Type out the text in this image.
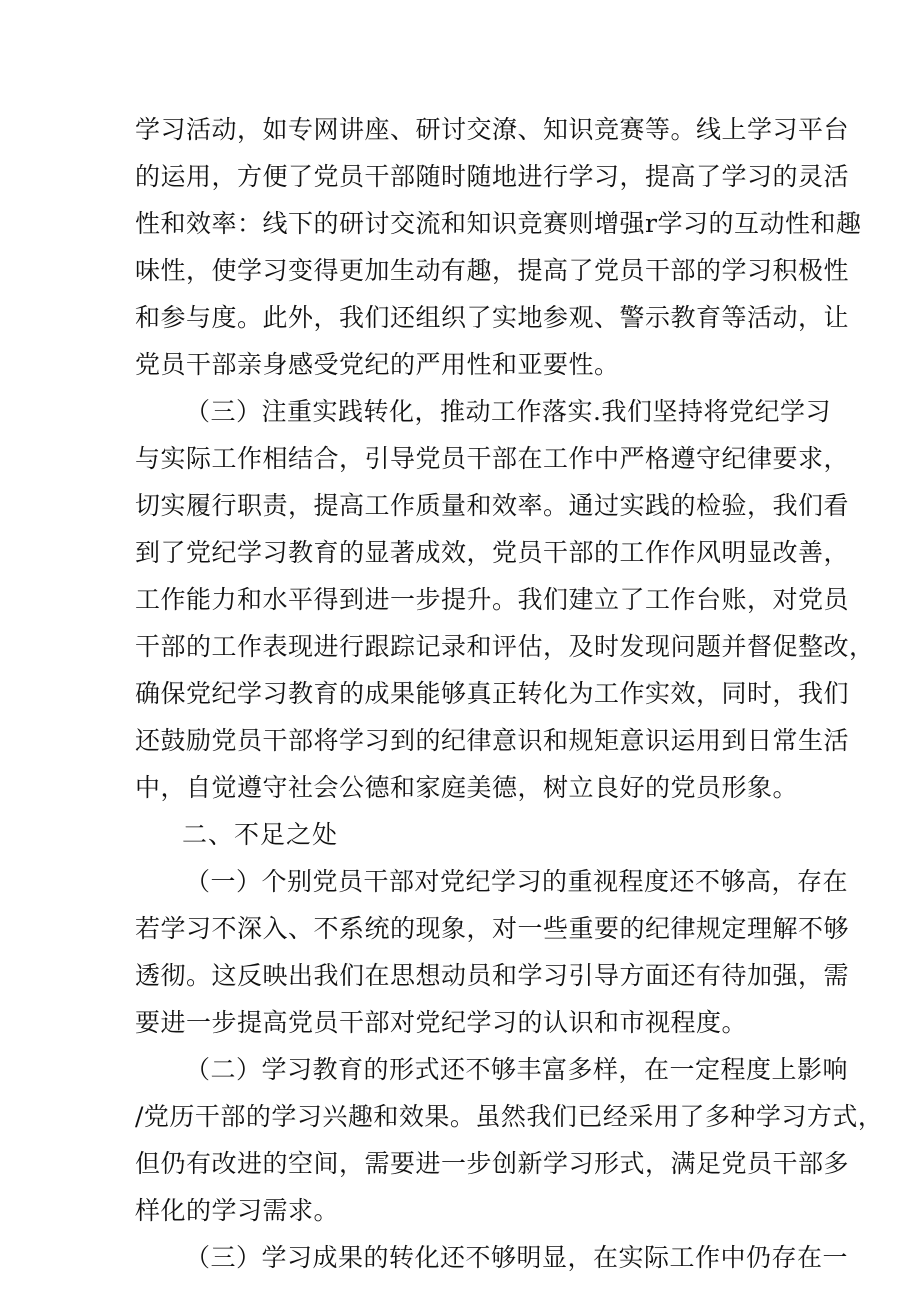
学习活动，如专网讲座、研讨交潦、知识竞赛等。线上学习平台
的运用，方便了党员干部随时随地进行学习，提高了学习的灵活
性和效率：线下的研讨交流和知识竞赛则增强r学习的互动性和趣
味性，使学习变得更加生动有趣，提高了党员干部的学习积极性
和参与度。此外，我们还组织了实地参观、警示教育等活动，让
党员干部亲身感受党纪的严用性和亚要性。
（三）注重实践转化，推动工作落实.我们坚持将党纪学习
与实际工作相结合，引导党员干部在工作中严格遵守纪律要求，
切实履行职责，提高工作质量和效率。通过实践的检验，我们看
到了党纪学习教育的显著成效，党员干部的工作作风明显改善，
工作能力和水平得到进一步提升。我们建立了工作台账，对党员
干部的工作表现进行跟踪记录和评估，及时发现问题并督促整改，
确保党纪学习教育的成果能够真正转化为工作实效，同时，我们
还鼓励党员干部将学习到的纪律意识和规矩意识运用到日常生活
中，自觉遵守社会公德和家庭美德，树立良好的党员形象。
二、不足之处
（一）个别党员干部对党纪学习的重视程度还不够高，存在
若学习不深入、不系统的现象，对一些重要的纪律规定理解不够
透彻。这反映出我们在思想动员和学习引导方面还有待加强，需
要进一步提高党员干部对党纪学习的认识和市视程度。
（二）学习教育的形式还不够丰富多样，在一定程度上影响
/党历干部的学习兴趣和效果。虽然我们已经采用了多种学习方式，
但仍有改进的空间，需要进一步创新学习形式，满足党员干部多
样化的学习需求。
（三）学习成果的转化还不够明显，在实际工作中仍存在一
